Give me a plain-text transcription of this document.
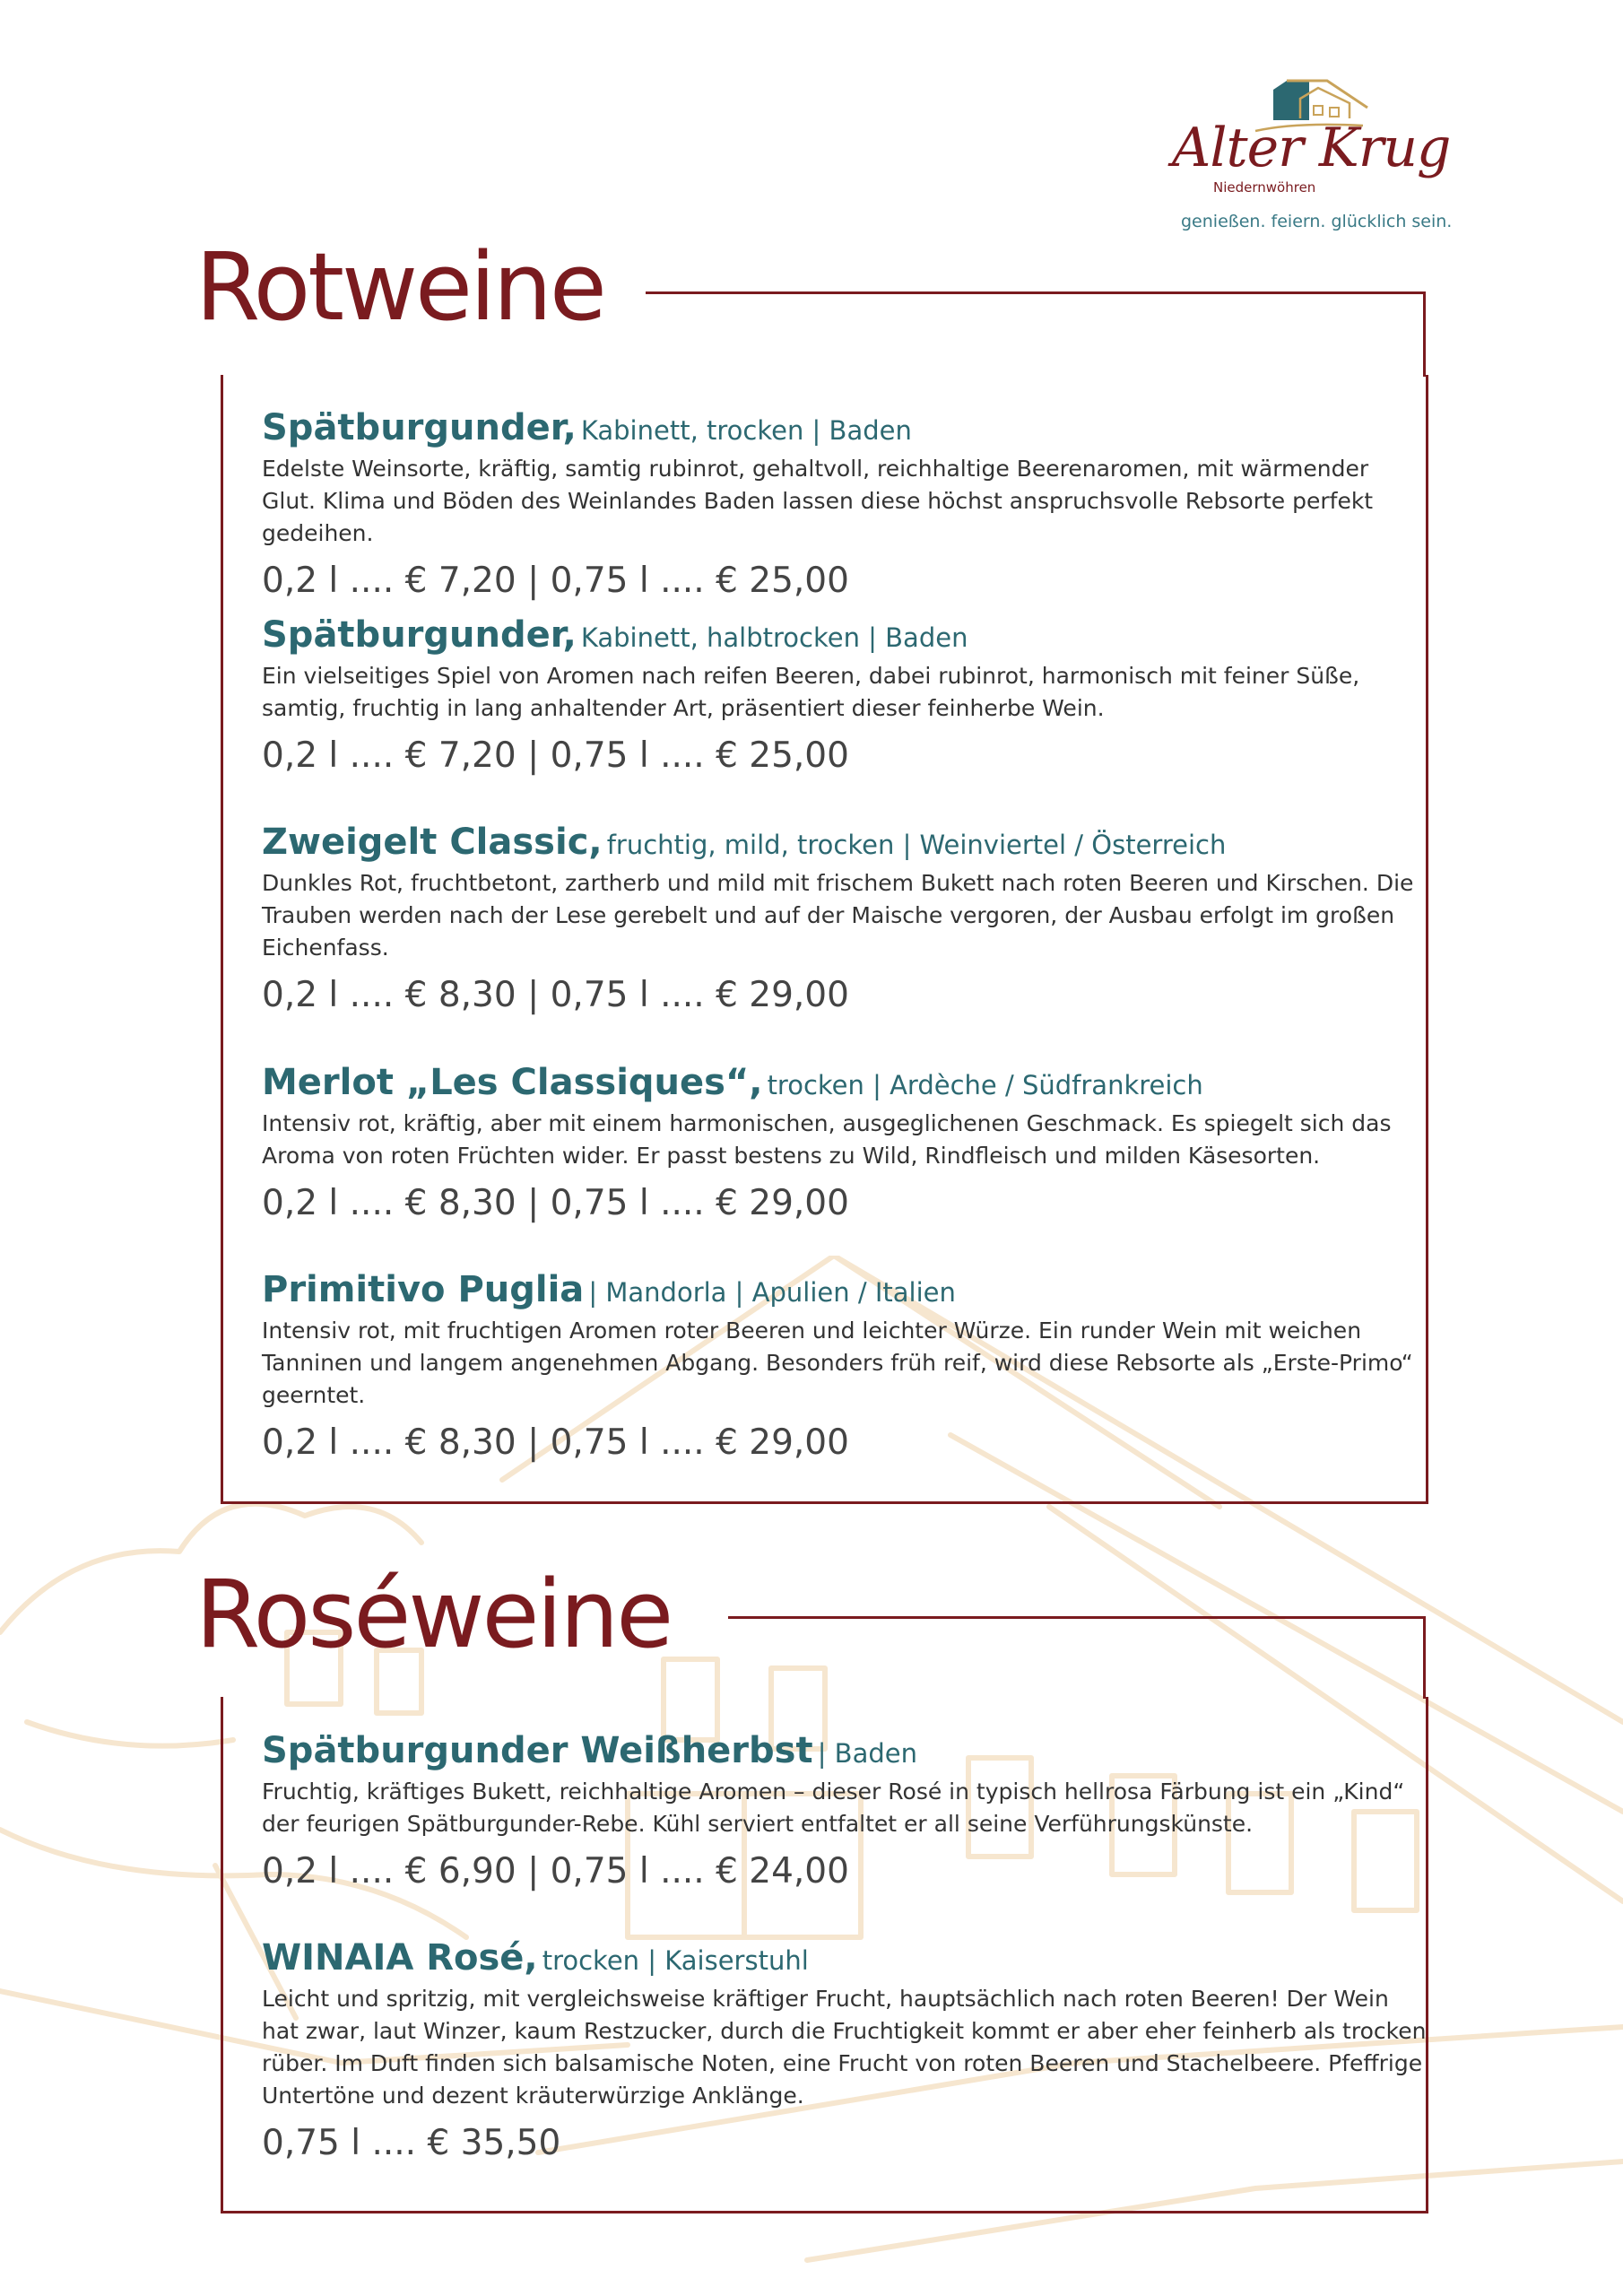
Alter Krug
Niedernwöhren
genießen. feiern. glücklich sein.
Rotweine

Spätburgunder, Kabinett, trocken | Baden

Edelste Weinsorte, kräftig, samtig rubinrot, gehaltvoll, reichhaltige Beerenaromen, mit wärmender Glut. Klima und Böden des Weinlandes Baden lassen diese höchst anspruchsvolle Rebsorte perfekt gedeihen.

0,2 l .... € 7,20 | 0,75 l .... € 25,00

Spätburgunder, Kabinett, halbtrocken | Baden

Ein vielseitiges Spiel von Aromen nach reifen Beeren, dabei rubinrot, harmonisch mit feiner Süße, samtig, fruchtig in lang anhaltender Art, präsentiert dieser feinherbe Wein.

0,2 l .... € 7,20 | 0,75 l .... € 25,00

Zweigelt Classic, fruchtig, mild, trocken | Weinviertel / Österreich

Dunkles Rot, fruchtbetont, zartherb und mild mit frischem Bukett nach roten Beeren und Kirschen. Die Trauben werden nach der Lese gerebelt und auf der Maische vergoren, der Ausbau erfolgt im großen Eichenfass.

0,2 l .... € 8,30 | 0,75 l .... € 29,00

Merlot „Les Classiques“, trocken | Ardèche / Südfrankreich

Intensiv rot, kräftig, aber mit einem harmonischen, ausgeglichenen Geschmack. Es spiegelt sich das Aroma von roten Früchten wider. Er passt bestens zu Wild, Rindfleisch und milden Käsesorten.

0,2 l .... € 8,30 | 0,75 l .... € 29,00

Primitivo Puglia | Mandorla | Apulien / Italien

Intensiv rot, mit fruchtigen Aromen roter Beeren und leichter Würze. Ein runder Wein mit weichen Tanninen und langem angenehmen Abgang. Besonders früh reif, wird diese Rebsorte als „Erste-Primo“ geerntet.

0,2 l .... € 8,30 | 0,75 l .... € 29,00

Roséweine

Spätburgunder Weißherbst | Baden

Fruchtig, kräftiges Bukett, reichhaltige Aromen – dieser Rosé in typisch hellrosa Färbung ist ein „Kind“ der feurigen Spätburgunder-Rebe. Kühl serviert entfaltet er all seine Verführungskünste.

0,2 l .... € 6,90 | 0,75 l .... € 24,00

WINAIA Rosé, trocken | Kaiserstuhl

Leicht und spritzig, mit vergleichsweise kräftiger Frucht, hauptsächlich nach roten Beeren! Der Wein hat zwar, laut Winzer, kaum Restzucker, durch die Fruchtigkeit kommt er aber eher feinherb als trocken rüber. Im Duft finden sich balsamische Noten, eine Frucht von roten Beeren und Stachelbeere. Pfeffrige Untertöne und dezent kräuterwürzige Anklänge.

0,75 l .... € 35,50
